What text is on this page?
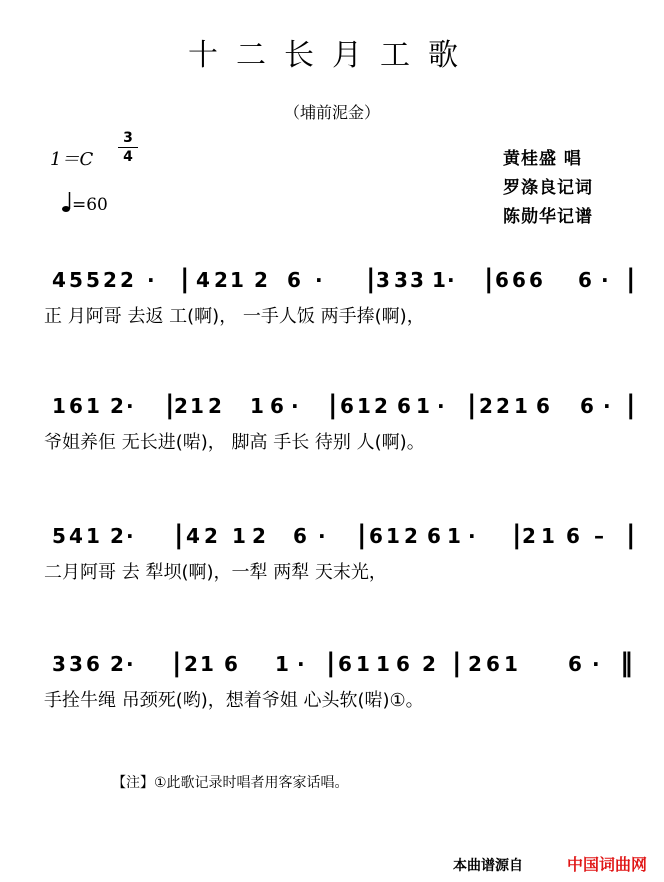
十二长月工歌
（埔前泥金）
1＝C
3
4
=60
黄桂盛 唱
罗涤良记词
陈勋华记谱
4 5 5 2 2 · | 4 2 1 2 6 · | 3 3 3 1 · | 6 6 6 6 · |
正 月阿哥 去返 工(啊)， 一手人饭 两手捧(啊)，
1 6 1 2 · | 2 1 2 1 6 · | 6 1 2 6 1 · | 2 2 1 6 6 · |
爷姐养佢 无长进(啱)， 脚高 手长 待别 人(啊)。
5 4 1 2 · | 4 2 1 2 6 · | 6 1 2 6 1 · | 2 1 6 – |
二月阿哥 去 犁坝(啊)，一犁 两犁 天末光，
3 3 6 2 · | 2 1 6 1 · | 6 1 1 6 2 | 2 6 1	6 · ‖
手拴牛绳 吊颈死(哟)，想着爷姐 心头软(啱)①。
【注】①此歌记录时唱者用客家话唱。
本曲谱源自	中国词曲网
